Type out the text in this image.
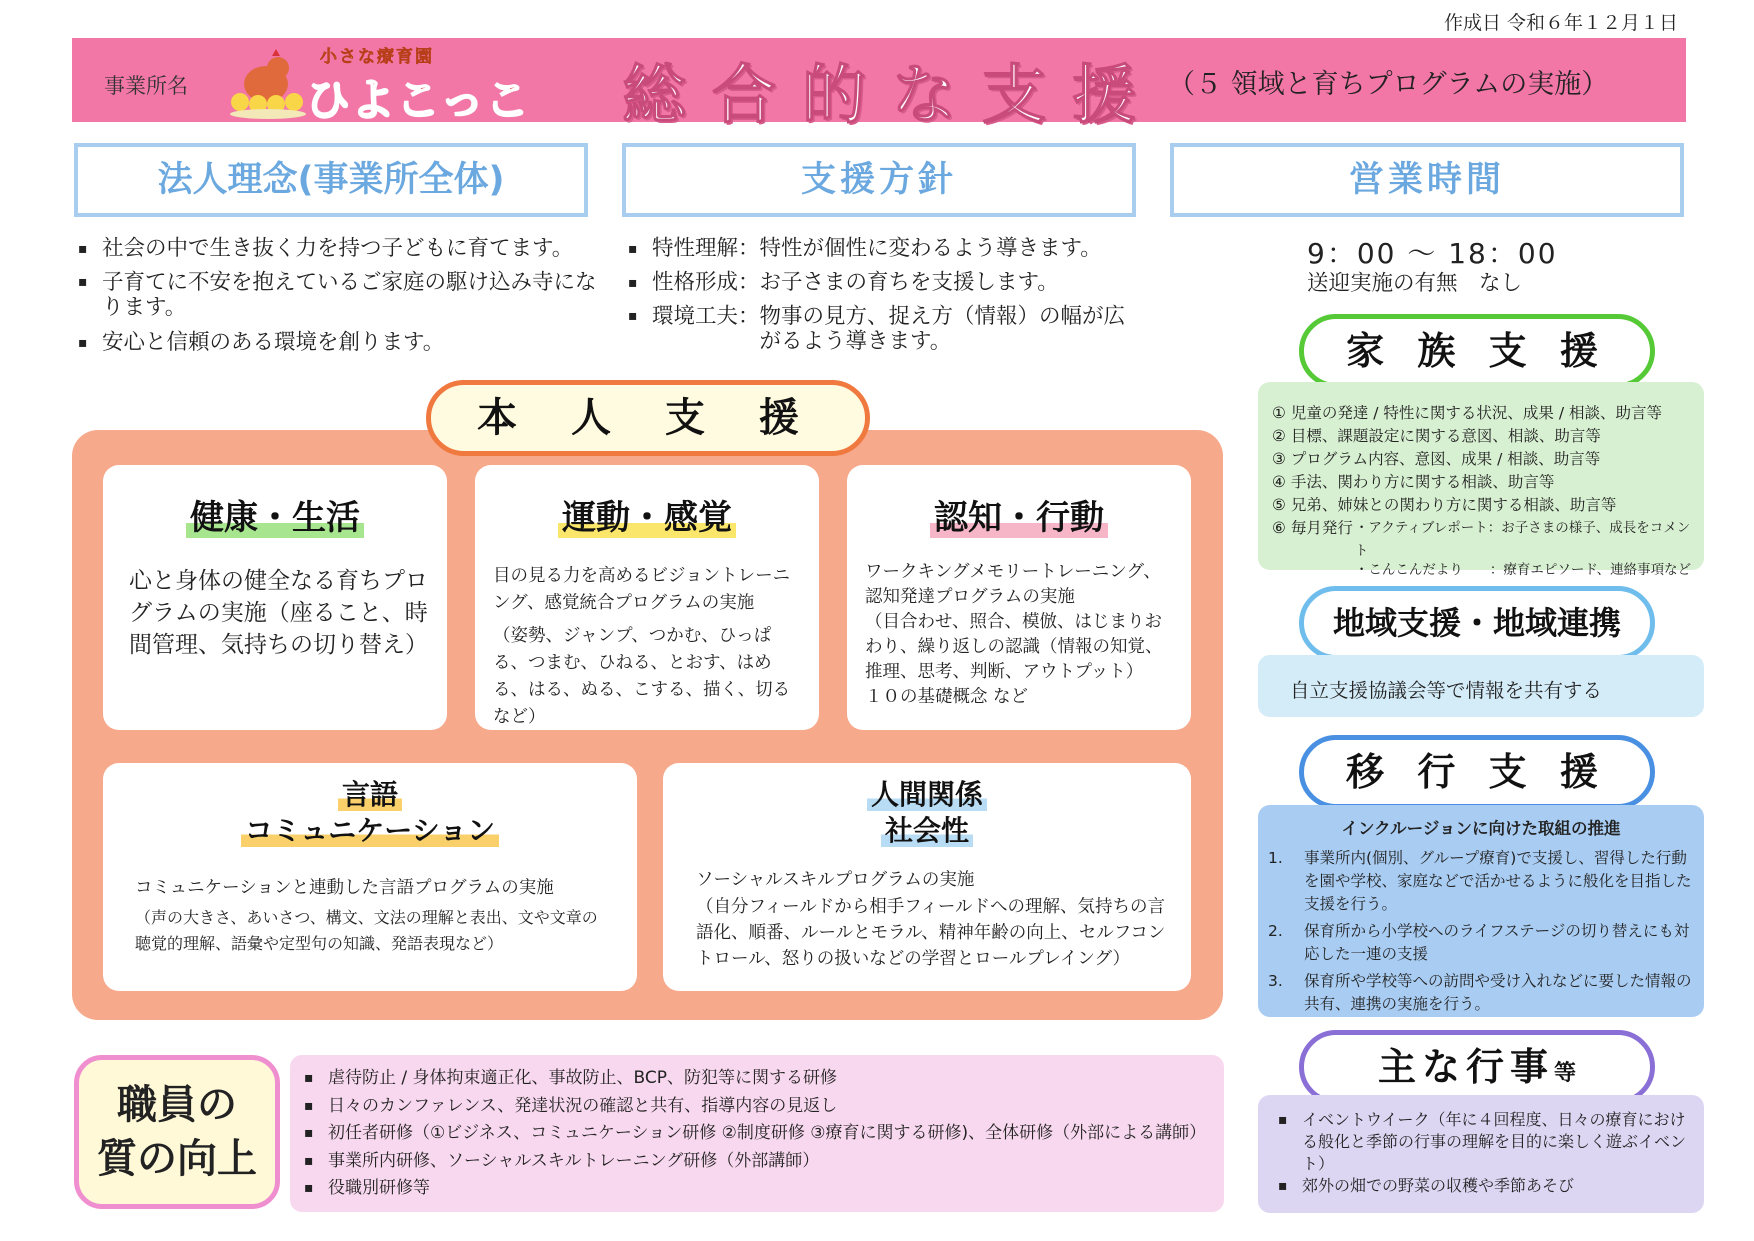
作成日 令和６年１２月１日
事業所名
小さな療育園
ひよこっこ 総合的な支援 （５ 領域と育ちプログラムの実施）
法人理念(事業所全体)	支援方針	営業時間
▪ 社会の中で生き抜く力を持つ子どもに育てます。
▪ 子育てに不安を抱えているご家庭の駆け込み寺になります。
▪ 安心と信頼のある環境を創ります。
▪ 特性理解： 特性が個性に変わるよう導きます。
▪ 性格形成： お子さまの育ちを支援します。
▪ 環境工夫： 物事の見方、捉え方（情報）の幅が広がるよう導きます。
9：00 〜 18：00
送迎実施の有無　なし
本 人 支 援
健康・生活
心と身体の健全なる育ちプログラムの実施（座ること、時間管理、気持ちの切り替え）
運動・感覚
目の見る力を高めるビジョントレーニング、感覚統合プログラムの実施
（姿勢、ジャンプ、つかむ、ひっぱる、つまむ、ひねる、とおす、はめる、はる、ぬる、こする、描く、切るなど）
認知・行動
ワークキングメモリートレーニング、認知発達プログラムの実施
（目合わせ、照合、模倣、はじまりおわり、繰り返しの認識（情報の知覚、推理、思考、判断、アウトプット）
１０の基礎概念 など
言語
コミュニケーション
コミュニケーションと連動した言語プログラムの実施
（声の大きさ、あいさつ、構文、文法の理解と表出、文や文章の聴覚的理解、語彙や定型句の知識、発語表現など）
人間関係
社会性
ソーシャルスキルプログラムの実施
（自分フィールドから相手フィールドへの理解、気持ちの言語化、順番、ルールとモラル、精神年齢の向上、セルフコントロール、怒りの扱いなどの学習とロールプレイング）
家 族 支 援
① 児童の発達 / 特性に関する状況、成果 / 相談、助言等
② 目標、課題設定に関する意図、相談、助言等
③ プログラム内容、意図、成果 / 相談、助言等
④ 手法、関わり方に関する相談、助言等
⑤ 兄弟、姉妹との関わり方に関する相談、助言等
⑥ 毎月発行 ・アクティブレポート：お子さまの様子、成長をコメント
・こんこんだより　　：療育エピソード、連絡事項など
地域支援・地域連携
自立支援協議会等で情報を共有する
移 行 支 援
インクルージョンに向けた取組の推進
1.	事業所内(個別、グループ療育)で支援し、習得した行動を園や学校、家庭などで活かせるように般化を目指した支援を行う。
2.	保育所から小学校へのライフステージの切り替えにも対応した一連の支援
3.	保育所や学校等への訪問や受け入れなどに要した情報の共有、連携の実施を行う。
主な行事等
▪ イベントウイーク（年に４回程度、日々の療育における般化と季節の行事の理解を目的に楽しく遊ぶイベント）
▪ 郊外の畑での野菜の収穫や季節あそび
職員の
質の向上
▪ 虐待防止 / 身体拘束適正化、事故防止、BCP、防犯等に関する研修
▪ 日々のカンファレンス、発達状況の確認と共有、指導内容の見返し
▪ 初任者研修（①ビジネス、コミュニケーション研修 ②制度研修 ③療育に関する研修)、全体研修（外部による講師）
▪ 事業所内研修、ソーシャルスキルトレーニング研修（外部講師）
▪ 役職別研修等
